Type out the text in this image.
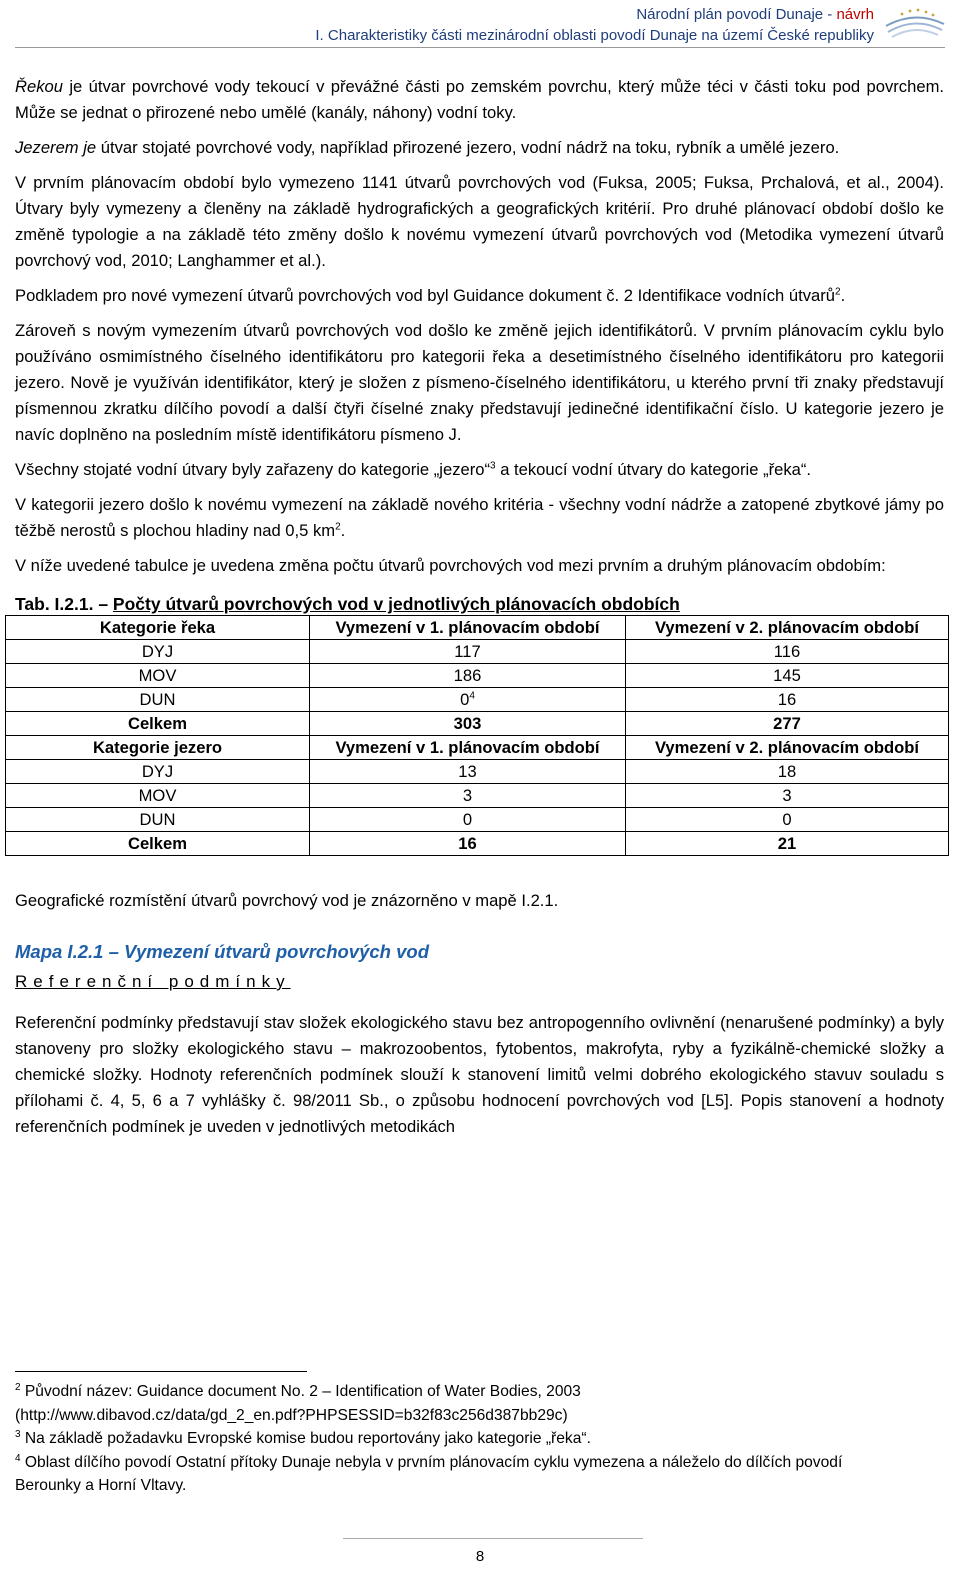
Národní plán povodí Dunaje - návrh
I. Charakteristiky části mezinárodní oblasti povodí Dunaje na území České republiky

Řekou je útvar povrchové vody tekoucí v převážné části po zemském povrchu, který může téci v části toku pod povrchem. Může se jednat o přirozené nebo umělé (kanály, náhony) vodní toky.

Jezerem je útvar stojaté povrchové vody, například přirozené jezero, vodní nádrž na toku, rybník a umělé jezero.

V prvním plánovacím období bylo vymezeno 1141 útvarů povrchových vod (Fuksa, 2005; Fuksa, Prchalová, et al., 2004). Útvary byly vymezeny a členěny na základě hydrografických a geografických kritérií. Pro druhé plánovací období došlo ke změně typologie a na základě této změny došlo k novému vymezení útvarů povrchových vod (Metodika vymezení útvarů povrchový vod, 2010; Langhammer et al.).

Podkladem pro nové vymezení útvarů povrchových vod byl Guidance dokument č. 2 Identifikace vodních útvarů$^2$.

Zároveň s novým vymezením útvarů povrchových vod došlo ke změně jejich identifikátorů. V prvním plánovacím cyklu bylo používáno osmimístného číselného identifikátoru pro kategorii řeka a desetimístného číselného identifikátoru pro kategorii jezero. Nově je využíván identifikátor, který je složen z písmeno-číselného identifikátoru, u kterého první tři znaky představují písmennou zkratku dílčího povodí a další čtyři číselné znaky představují jedinečné identifikační číslo. U kategorie jezero je navíc doplněno na posledním místě identifikátoru písmeno J.

Všechny stojaté vodní útvary byly zařazeny do kategorie „jezero“$^3$ a tekoucí vodní útvary do kategorie „řeka“.

V kategorii jezero došlo k novému vymezení na základě nového kritéria - všechny vodní nádrže a zatopené zbytkové jámy po těžbě nerostů s plochou hladiny nad 0,5 $km^2$.

V níže uvedené tabulce je uvedena změna počtu útvarů povrchových vod mezi prvním a druhým plánovacím obdobím:

Tab. I.2.1. – Počty útvarů povrchových vod v jednotlivých plánovacích obdobích
Kategorie řeka	Vymezení v 1. plánovacím období	Vymezení v 2. plánovacím období
DYJ	117	116
MOV	186	145
DUN	$0^4$	16
Celkem	303	277
Kategorie jezero	Vymezení v 1. plánovacím období	Vymezení v 2. plánovacím období
DYJ	13	18
MOV	3	3
DUN	0	0
Celkem	16	21

Geografické rozmístění útvarů povrchový vod je znázorněno v mapě I.2.1.

Mapa I.2.1 – Vymezení útvarů povrchových vod
Referenční podmínky

Referenční podmínky představují stav složek ekologického stavu bez antropogenního ovlivnění (nenarušené podmínky) a byly stanoveny pro složky ekologického stavu – makrozoobentos, fytobentos, makrofyta, ryby a fyzikálně-chemické složky a chemické složky. Hodnoty referenčních podmínek slouží k stanovení limitů velmi dobrého ekologického stavuv souladu s přílohami č. 4, 5, 6 a 7 vyhlášky č. 98/2011 Sb., o způsobu hodnocení povrchových vod [L5]. Popis stanovení a hodnoty referenčních podmínek je uveden v jednotlivých metodikách

$^2$ Původní název: Guidance document No. 2 – Identification of Water Bodies, 2003
(http://www.dibavod.cz/data/gd_2_en.pdf?PHPSESSID=b32f83c256d387bb29c)
$^3$ Na základě požadavku Evropské komise budou reportovány jako kategorie „řeka“.
$^4$ Oblast dílčího povodí Ostatní přítoky Dunaje nebyla v prvním plánovacím cyklu vymezena a náleželo do dílčích povodí
Berounky a Horní Vltavy.
8
